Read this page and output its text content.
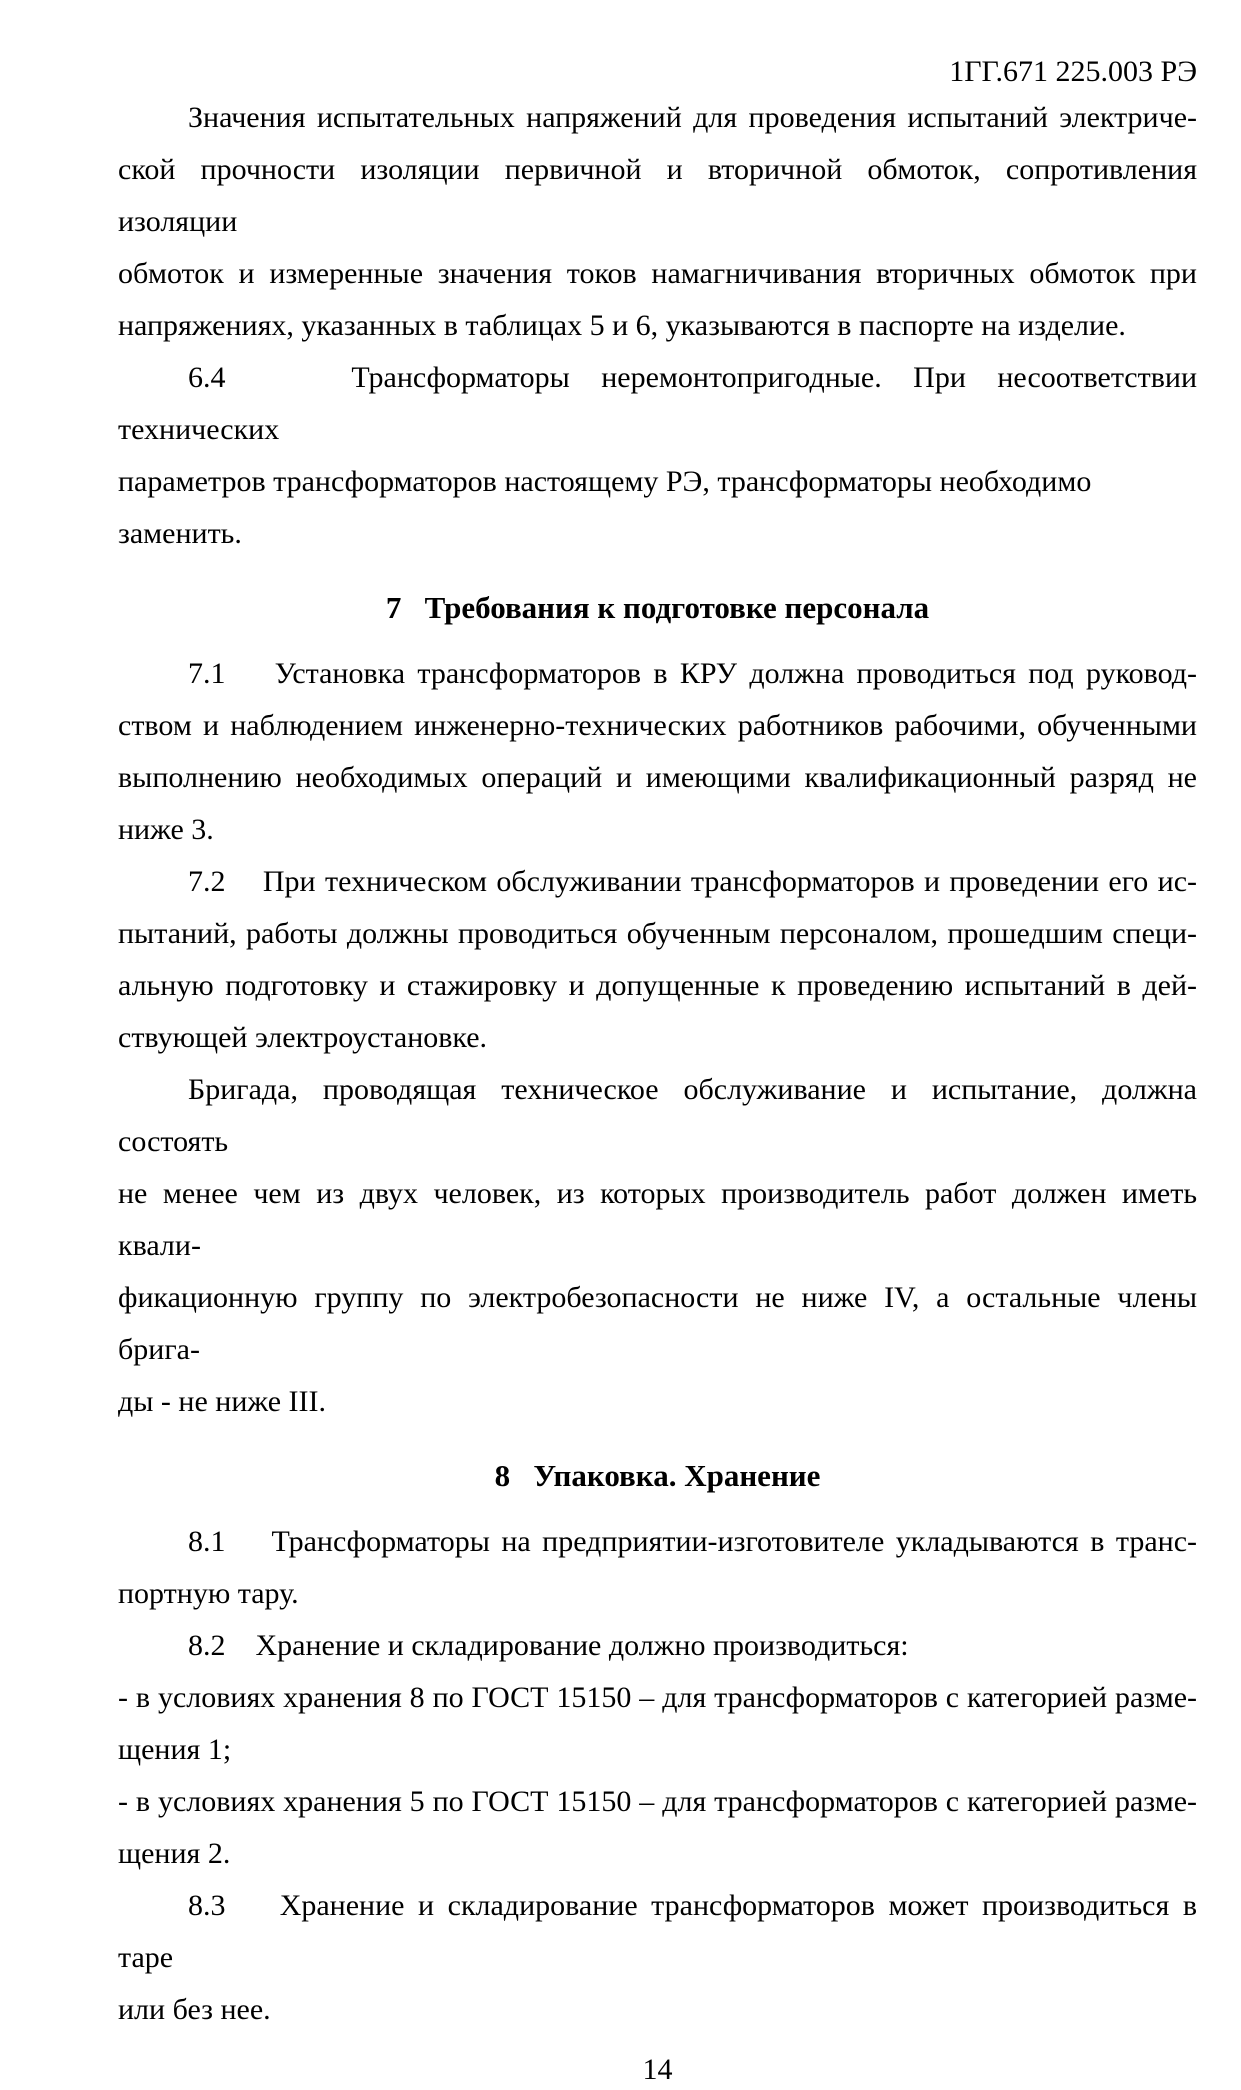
1ГГ.671 225.003 РЭ
Значения испытательных напряжений для проведения испытаний электриче-
ской прочности изоляции первичной и вторичной обмоток, сопротивления изоляции
обмоток и измеренные значения токов намагничивания вторичных обмоток при
напряжениях, указанных в таблицах 5 и 6, указываются в паспорте на изделие.
6.4    Трансформаторы неремонтопригодные. При несоответствии технических
параметров трансформаторов настоящему РЭ, трансформаторы необходимо заменить.
7   Требования к подготовке персонала
7.1    Установка трансформаторов в КРУ должна проводиться под руковод-
ством и наблюдением инженерно-технических работников рабочими, обученными
выполнению необходимых операций и имеющими квалификационный разряд не
ниже 3.
7.2    При техническом обслуживании трансформаторов и проведении его ис-
пытаний, работы должны проводиться обученным персоналом, прошедшим специ-
альную подготовку и стажировку и допущенные к проведению испытаний в дей-
ствующей электроустановке.
Бригада, проводящая техническое обслуживание и испытание, должна состоять
не менее чем из двух человек, из которых производитель работ должен иметь квали-
фикационную группу по электробезопасности не ниже IV, а остальные члены брига-
ды - не ниже III.
8   Упаковка. Хранение
8.1    Трансформаторы на предприятии-изготовителе укладываются в транс-
портную тару.
8.2    Хранение и складирование должно производиться:
- в условиях хранения 8 по ГОСТ 15150 – для трансформаторов с категорией разме-
щения 1;
- в условиях хранения 5 по ГОСТ 15150 – для трансформаторов с категорией разме-
щения 2.
8.3    Хранение и складирование трансформаторов может производиться в таре
или без нее.
14
